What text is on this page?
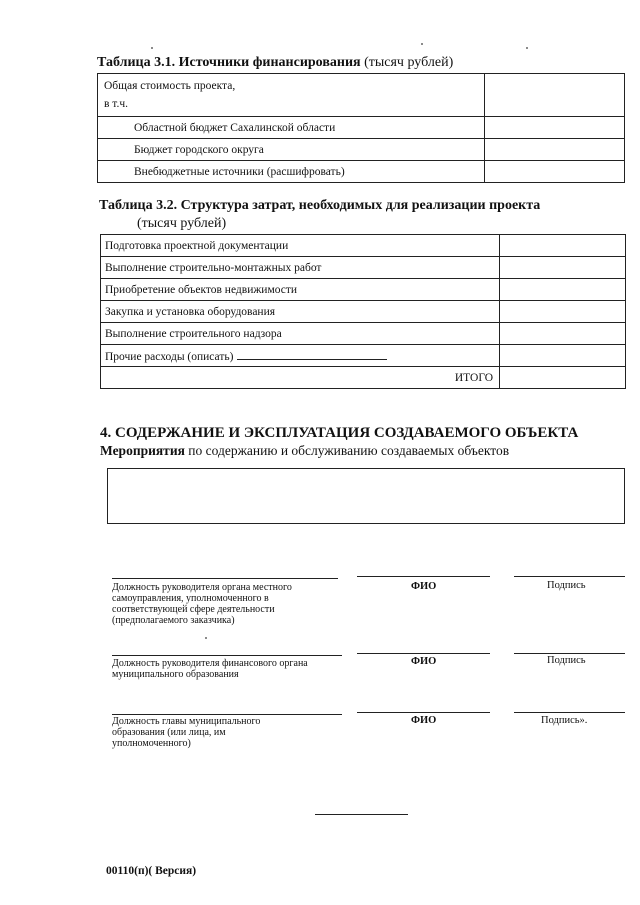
Таблица 3.1. Источники финансирования (тысяч рублей)
Общая стоимость проекта,
в т.ч.	

Областной бюджет Сахалинской области	
Бюджет городского округа	
Внебюджетные источники (расшифровать)	
Таблица 3.2. Структура затрат, необходимых для реализации проекта
(тысяч рублей)
Подготовка проектной документации	
Выполнение строительно-монтажных работ	
Приобретение объектов недвижимости	
Закупка и установка оборудования	
Выполнение строительного надзора	
Прочие расходы (описать)	
ИТОГО	
4. СОДЕРЖАНИЕ И ЭКСПЛУАТАЦИЯ СОЗДАВАЕМОГО ОБЪЕКТА
Мероприятия по содержанию и обслуживанию создаваемых объектов
Должность руководителя органа местного самоуправления, уполномоченного в соответствующей сфере деятельности (предполагаемого заказчика)
ФИО	Подпись
Должность руководителя финансового органа муниципального образования
ФИО	Подпись
Должность главы муниципального образования (или лица, им уполномоченного)
ФИО	Подпись».
00110(п)( Версия)
